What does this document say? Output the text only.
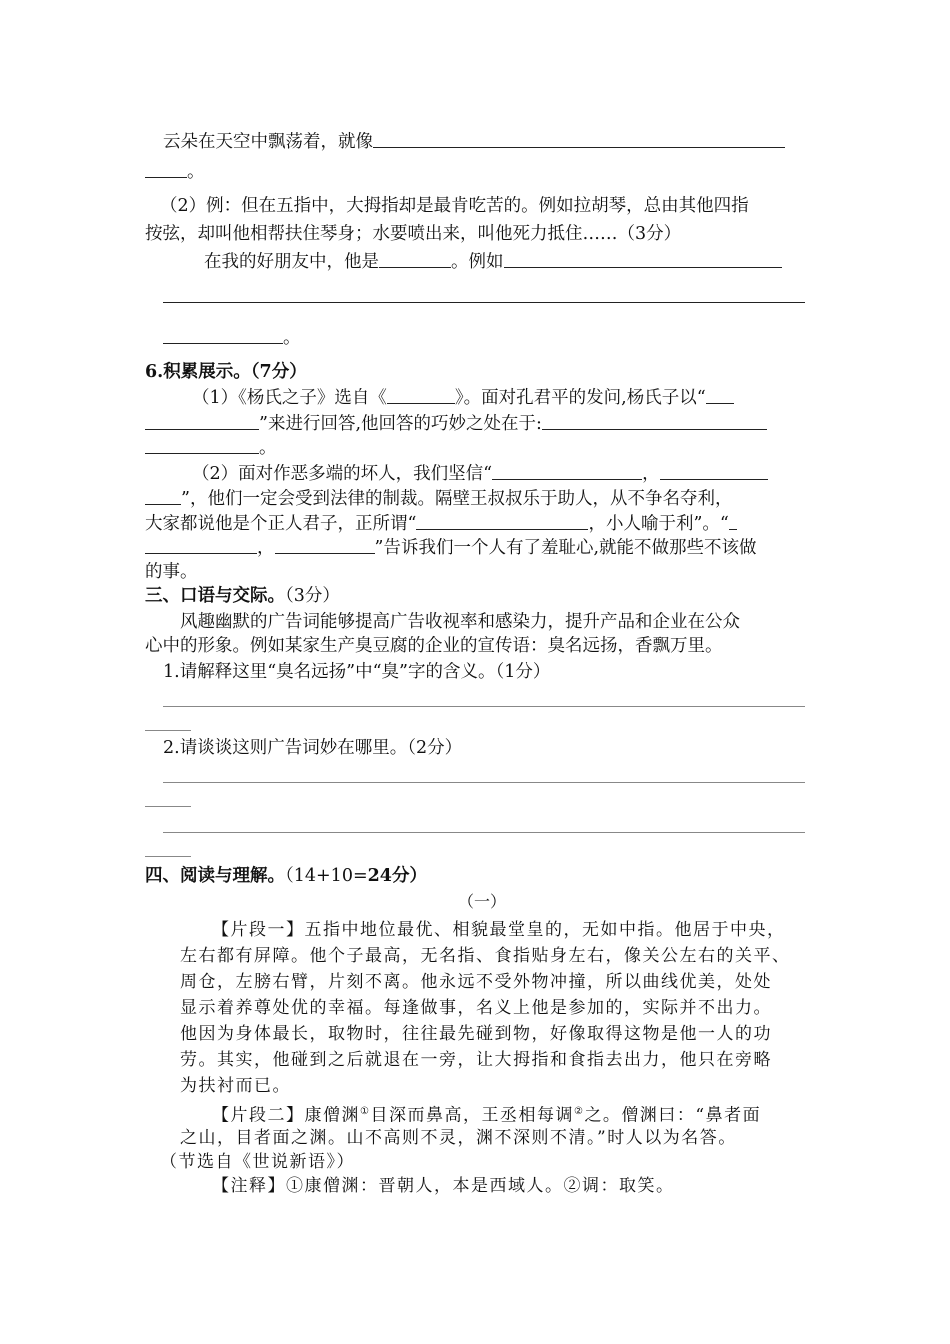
云朵在天空中飘荡着，就像
。
（2）例：但在五指中，大拇指却是最肯吃苦的。例如拉胡琴，总由其他四指
按弦，却叫他相帮扶住琴身；水要喷出来，叫他死力抵住……（3分）
在我的好朋友中，他是	。例如
。
6.积累展示。（7分）
（1）《杨氏之子》选自《	》。面对孔君平的发问,杨氏子以“
”来进行回答,他回答的巧妙之处在于:
。
（2）面对作恶多端的坏人，我们坚信“	，
”，他们一定会受到法律的制裁。隔壁王叔叔乐于助人，从不争名夺利，
大家都说他是个正人君子，正所谓“	，小人喻于利”。“
，	”告诉我们一个人有了羞耻心,就能不做那些不该做
的事。
三、口语与交际。（3分）
风趣幽默的广告词能够提高广告收视率和感染力，提升产品和企业在公众
心中的形象。例如某家生产臭豆腐的企业的宣传语：臭名远扬，香飘万里。
1.请解释这里“臭名远扬”中“臭”字的含义。（1分）
2.请谈谈这则广告词妙在哪里。（2分）
四、阅读与理解。（14+10=24分）
（一）
【片段一】五指中地位最优、相貌最堂皇的，无如中指。他居于中央，
左右都有屏障。他个子最高，无名指、食指贴身左右，像关公左右的关平、
周仓，左膀右臂，片刻不离。他永远不受外物冲撞，所以曲线优美，处处
显示着养尊处优的幸福。每逢做事，名义上他是参加的，实际并不出力。
他因为身体最长，取物时，往往最先碰到物，好像取得这物是他一人的功
劳。其实，他碰到之后就退在一旁，让大拇指和食指去出力，他只在旁略
为扶衬而已。
【片段二】康僧渊①目深而鼻高，王丞相每调②之。僧渊曰：“鼻者面
之山，目者面之渊。山不高则不灵，渊不深则不清。”时人以为名答。
（节选自《世说新语》）
【注释】①康僧渊：晋朝人，本是西域人。②调：取笑。
